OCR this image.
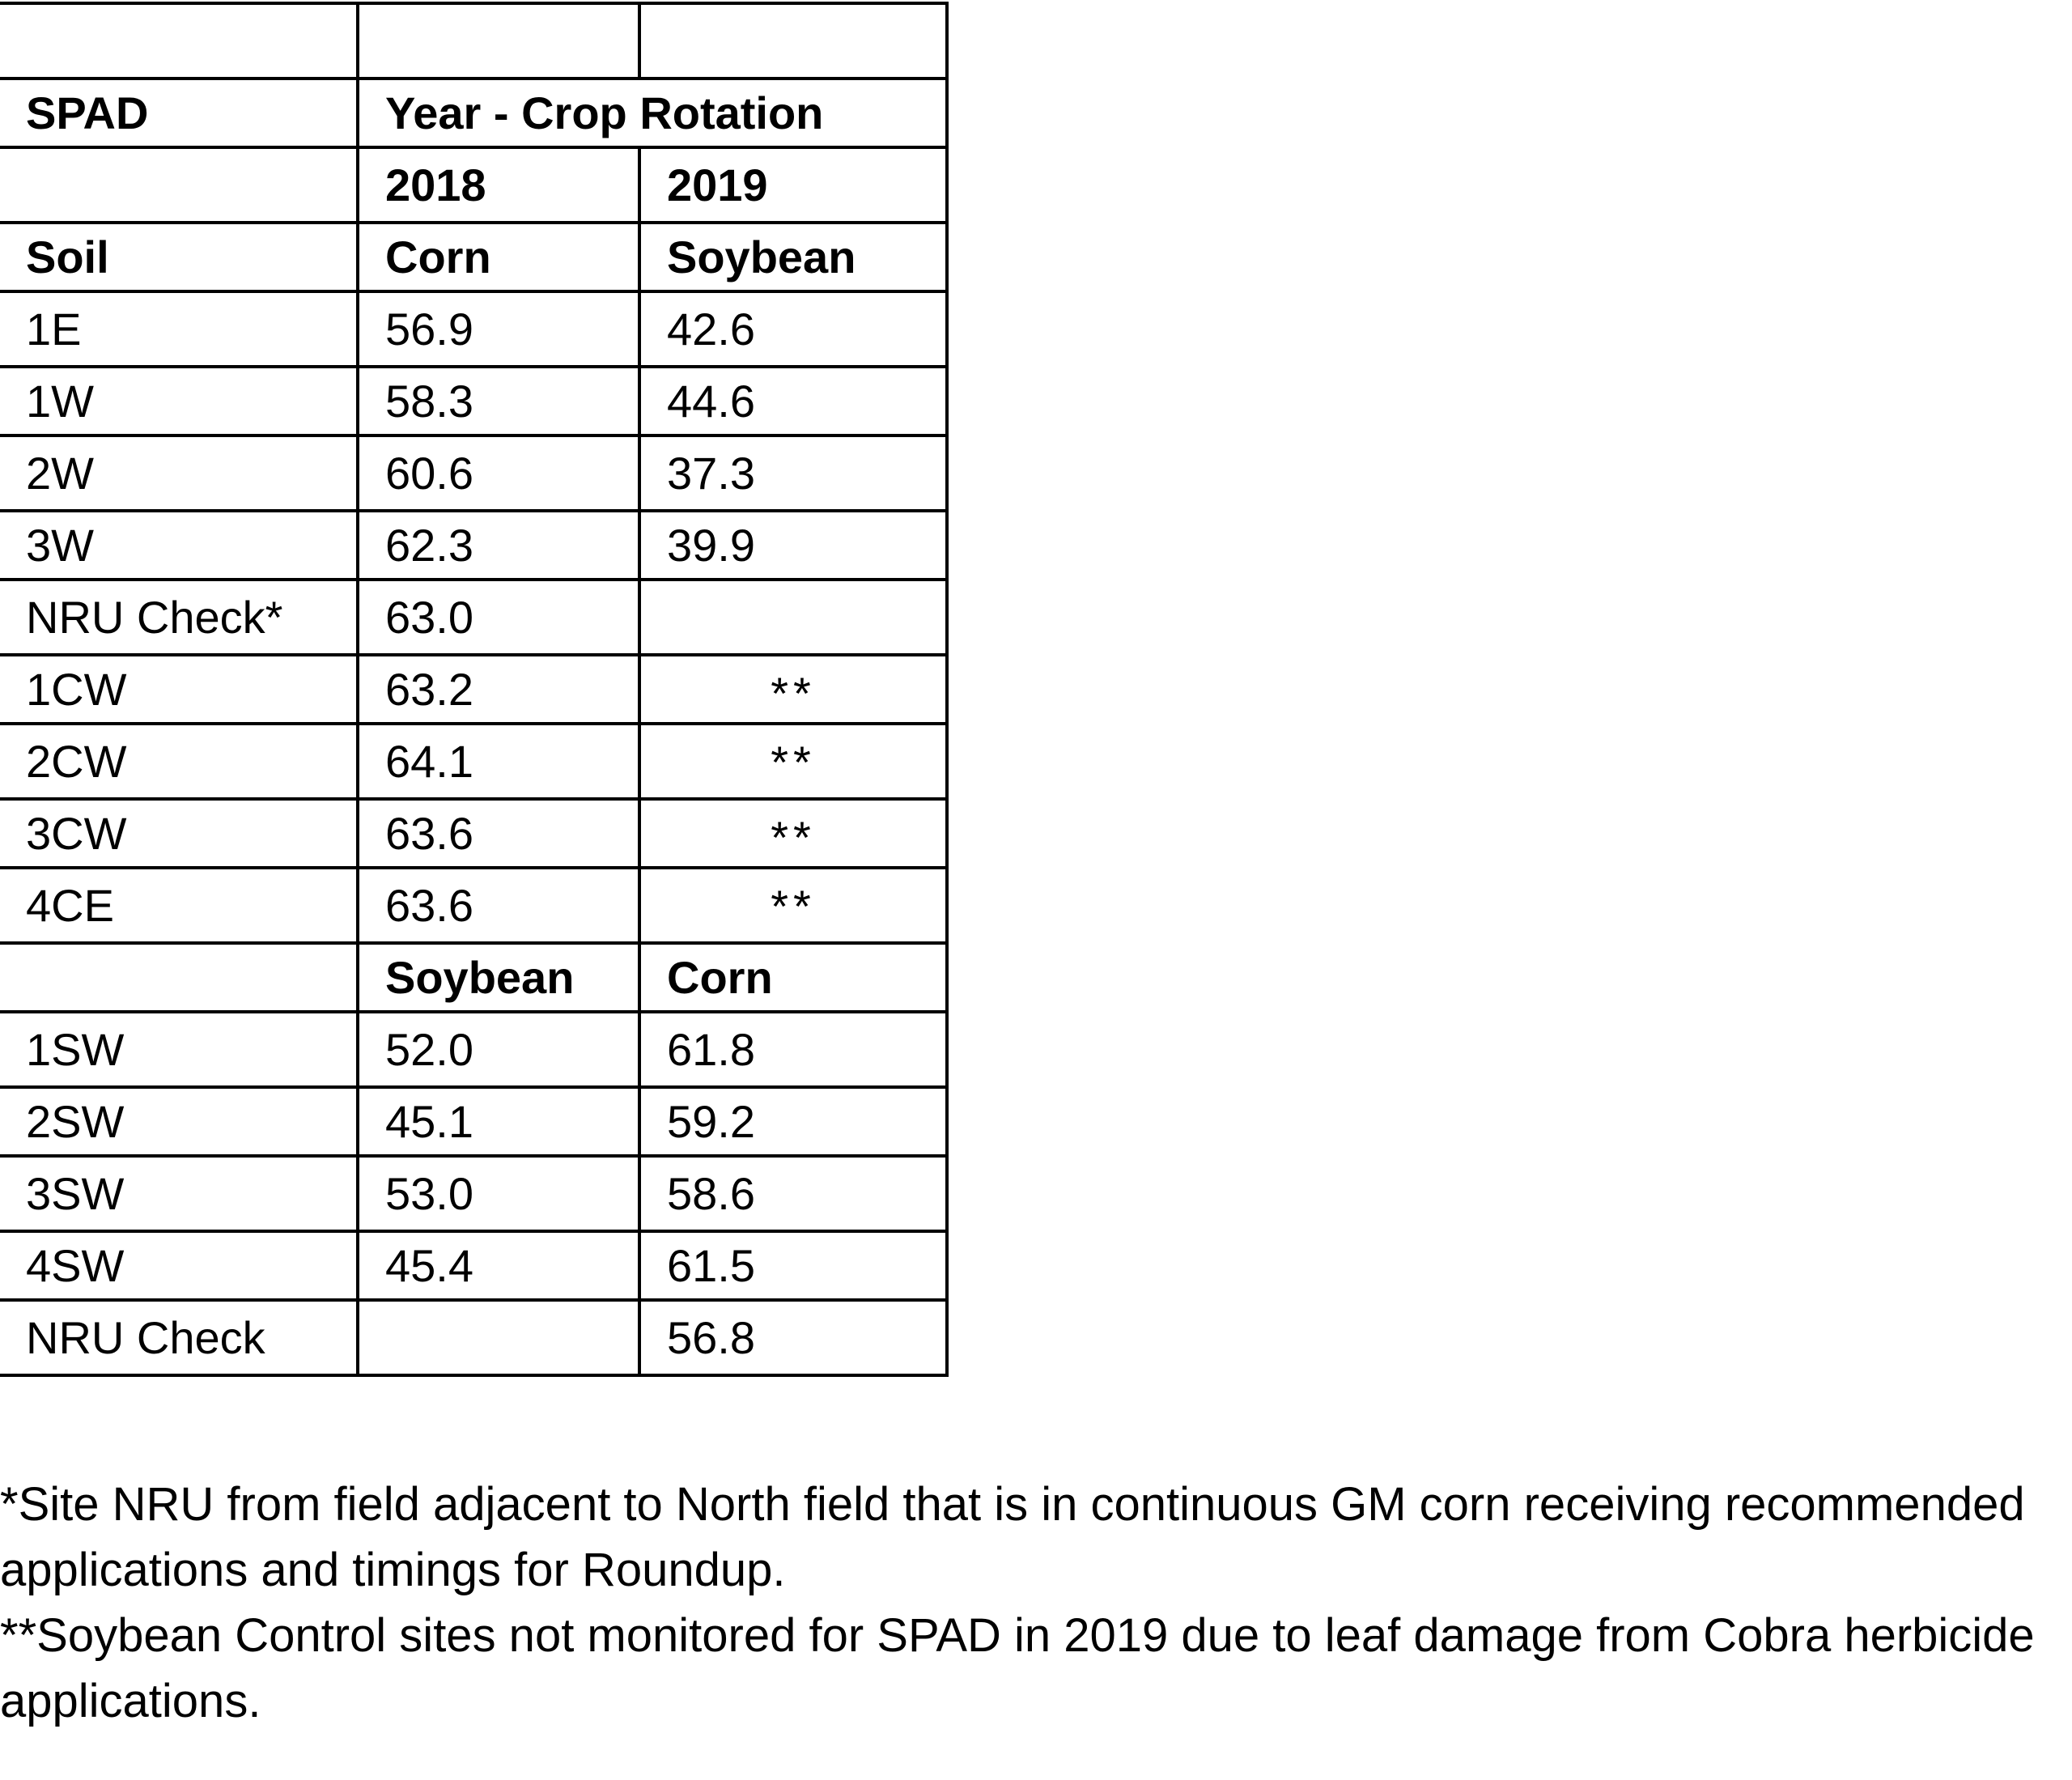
SPAD	Year - Crop Rotation	
	2018	2019
Soil	Corn	Soybean
1E	56.9	42.6
1W	58.3	44.6
2W	60.6	37.3
3W	62.3	39.9
NRU Check*	63.0	
1CW	63.2	**
2CW	64.1	**
3CW	63.6	**
4CE	63.6	**
	Soybean	Corn
1SW	52.0	61.8
2SW	45.1	59.2
3SW	53.0	58.6
4SW	45.4	61.5
NRU Check		56.8

*Site NRU from field adjacent to North field that is in continuous GM corn receiving recommended applications and timings for Roundup.

**Soybean Control sites not monitored for SPAD in 2019 due to leaf damage from Cobra herbicide applications.
